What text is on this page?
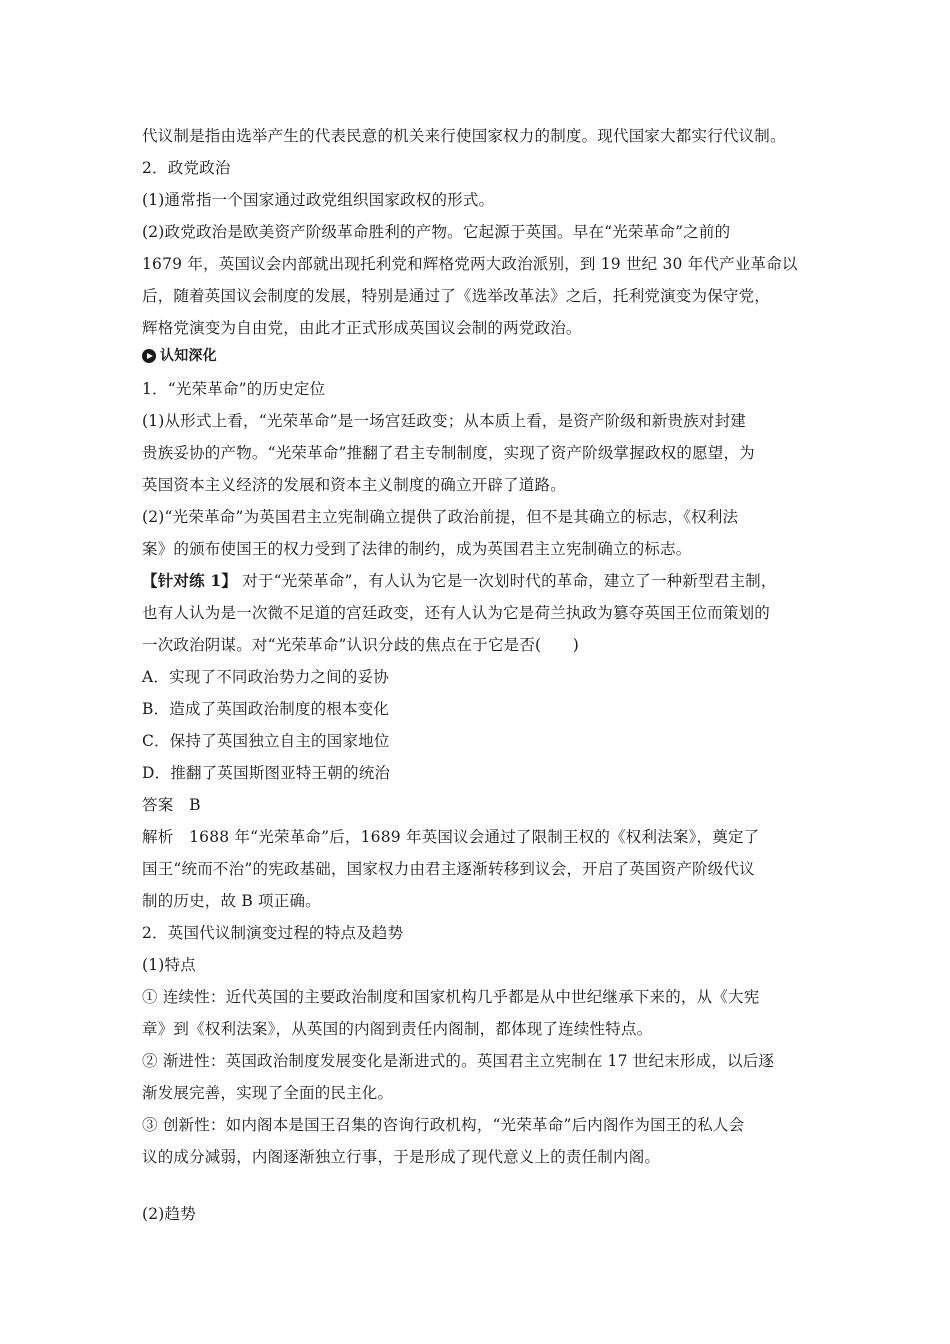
代议制是指由选举产生的代表民意的机关来行使国家权力的制度。现代国家大都实行代议制。
2．政党政治
(1)通常指一个国家通过政党组织国家政权的形式。
(2)政党政治是欧美资产阶级革命胜利的产物。它起源于英国。早在“光荣革命”之前的
1679 年，英国议会内部就出现托利党和辉格党两大政治派别，到 19 世纪 30 年代产业革命以
后，随着英国议会制度的发展，特别是通过了《选举改革法》之后，托利党演变为保守党，
辉格党演变为自由党，由此才正式形成英国议会制的两党政治。
认知深化
1．“光荣革命”的历史定位
(1)从形式上看，“光荣革命”是一场宫廷政变；从本质上看，是资产阶级和新贵族对封建
贵族妥协的产物。“光荣革命”推翻了君主专制制度，实现了资产阶级掌握政权的愿望，为
英国资本主义经济的发展和资本主义制度的确立开辟了道路。
(2)“光荣革命”为英国君主立宪制确立提供了政治前提，但不是其确立的标志，《权利法
案》的颁布使国王的权力受到了法律的制约，成为英国君主立宪制确立的标志。
【针对练 1】 对于“光荣革命”，有人认为它是一次划时代的革命，建立了一种新型君主制，
也有人认为是一次微不足道的宫廷政变，还有人认为它是荷兰执政为篡夺英国王位而策划的
一次政治阴谋。对“光荣革命”认识分歧的焦点在于它是否(　　)
A．实现了不同政治势力之间的妥协
B．造成了英国政治制度的根本变化
C．保持了英国独立自主的国家地位
D．推翻了英国斯图亚特王朝的统治
答案　B
解析　1688 年“光荣革命”后，1689 年英国议会通过了限制王权的《权利法案》，奠定了
国王“统而不治”的宪政基础，国家权力由君主逐渐转移到议会，开启了英国资产阶级代议
制的历史，故 B 项正确。
2．英国代议制演变过程的特点及趋势
(1)特点
① 连续性：近代英国的主要政治制度和国家机构几乎都是从中世纪继承下来的，从《大宪
章》到《权利法案》，从英国的内阁到责任内阁制，都体现了连续性特点。
② 渐进性：英国政治制度发展变化是渐进式的。英国君主立宪制在 17 世纪末形成，以后逐
渐发展完善，实现了全面的民主化。
③ 创新性：如内阁本是国王召集的咨询行政机构，“光荣革命”后内阁作为国王的私人会
议的成分减弱，内阁逐渐独立行事，于是形成了现代意义上的责任制内阁。
(2)趋势
